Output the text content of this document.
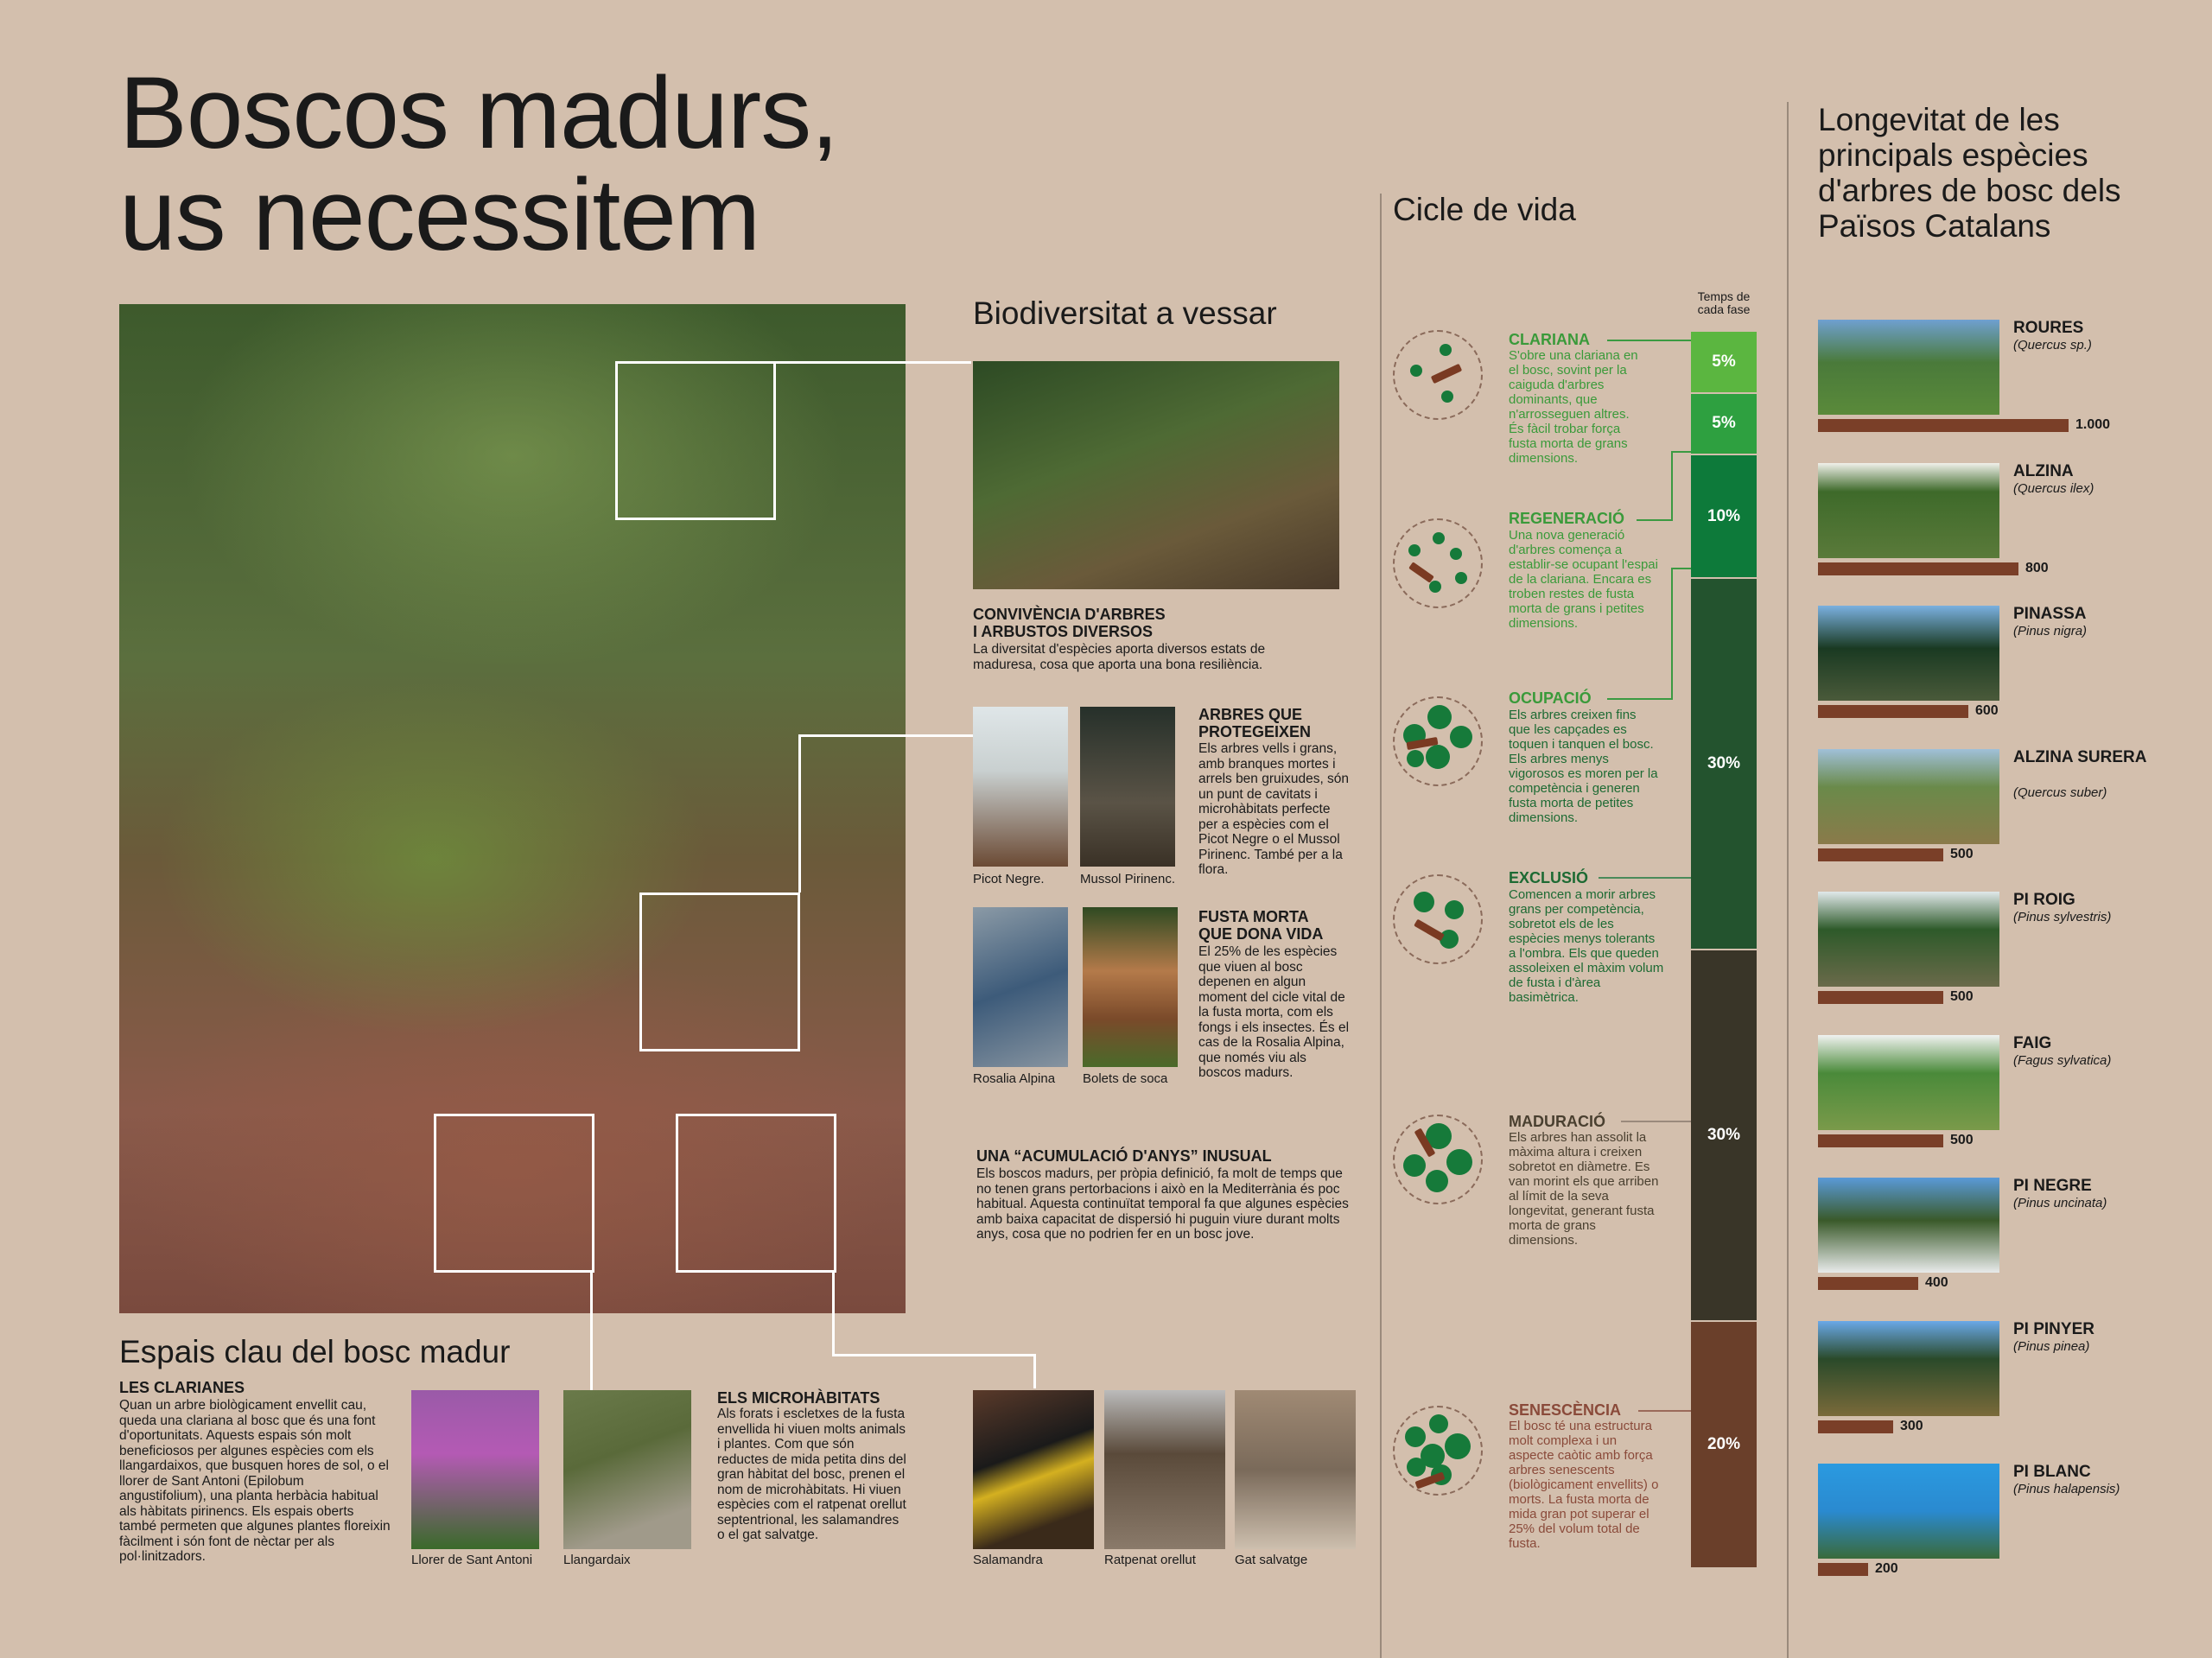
Boscos madurs,
us necessitem
Biodiversitat a vessar
CONVIVÈNCIA D'ARBRES
I ARBUSTOS DIVERSOS
La diversitat d'espècies aporta diversos estats de maduresa, cosa que aporta una bona resiliència.
Picot Negre.	Mussol Pirinenc.
ARBRES QUE
PROTEGEIXEN
Els arbres vells i grans, amb branques mortes i arrels ben gruixudes, són un punt de cavitats i microhàbitats perfecte per a espècies com el Picot Negre o el Mussol Pirinenc. També per a la flora.
Rosalia Alpina Bolets de soca
FUSTA MORTA
QUE DONA VIDA
El 25% de les espècies que viuen al bosc depenen en algun moment del cicle vital de la fusta morta, com els fongs i els insectes. És el cas de la Rosalia Alpina, que només viu als boscos madurs.
UNA “ACUMULACIÓ D'ANYS” INUSUAL
Els boscos madurs, per pròpia definició, fa molt de temps que no tenen grans pertorbacions i això en la Mediterrània és poc habitual. Aquesta continuïtat temporal fa que algunes espècies amb baixa capacitat de dispersió hi puguin viure durant molts anys, cosa que no podrien fer en un bosc jove.
Espais clau del bosc madur
LES CLARIANES
Quan un arbre biològicament envellit cau, queda una clariana al bosc que és una font d'oportunitats. Aquests espais són molt beneficiosos per algunes espècies com els llangardaixos, que busquen hores de sol, o el llorer de Sant Antoni (Epilobum angustifolium), una planta herbàcia habitual als hàbitats pirinencs. Els espais oberts també permeten que algunes plantes floreixin fàcilment i són font de nèctar per als pol·linitzadors.	Llorer de Sant Antoni Llangardaix
ELS MICROHÀBITATS
Als forats i escletxes de la fusta envellida hi viuen molts animals i plantes. Com que són reductes de mida petita dins del gran hàbitat del bosc, prenen el nom de microhàbitats. Hi viuen espècies com el ratpenat orellut septentrional, les salamandres o el gat salvatge.
Salamandra	Ratpenat orellut	Gat salvatge
Cicle de vida
Temps de
cada fase
CLARIANA
S'obre una clariana en el bosc, sovint per la caiguda d'arbres dominants, que n'arrosseguen altres. És fàcil trobar força fusta morta de grans dimensions.
REGENERACIÓ
Una nova generació d'arbres comença a establir-se ocupant l'espai de la clariana. Encara es troben restes de fusta morta de grans i petites dimensions.
OCUPACIÓ
Els arbres creixen fins que les capçades es toquen i tanquen el bosc. Els arbres menys vigorosos es moren per la competència i generen fusta morta de petites dimensions.
EXCLUSIÓ
Comencen a morir arbres grans per competència, sobretot els de les espècies menys tolerants a l'ombra. Els que queden assoleixen el màxim volum de fusta i d'àrea basimètrica.
MADURACIÓ
Els arbres han assolit la màxima altura i creixen sobretot en diàmetre. Es van morint els que arriben al límit de la seva longevitat, generant fusta morta de grans dimensions.
SENESCÈNCIA
El bosc té una estructura molt complexa i un aspecte caòtic amb força arbres senescents (biològicament envellits) o morts. La fusta morta de mida gran pot superar el 25% del volum total de fusta.
5%
5%
10%
30%
30%
20%
Longevitat de les principals espècies d'arbres de bosc dels Països Catalans
1.000
ROURES
(Quercus sp.)
800
ALZINA
(Quercus ilex)
600
PINASSA
(Pinus nigra)
500
ALZINA SURERA
(Quercus suber)
500
PI ROIG
(Pinus sylvestris)
500
FAIG
(Fagus sylvatica)
400
PI NEGRE
(Pinus uncinata)
300
PI PINYER
(Pinus pinea)
200
PI BLANC
(Pinus halapensis)
